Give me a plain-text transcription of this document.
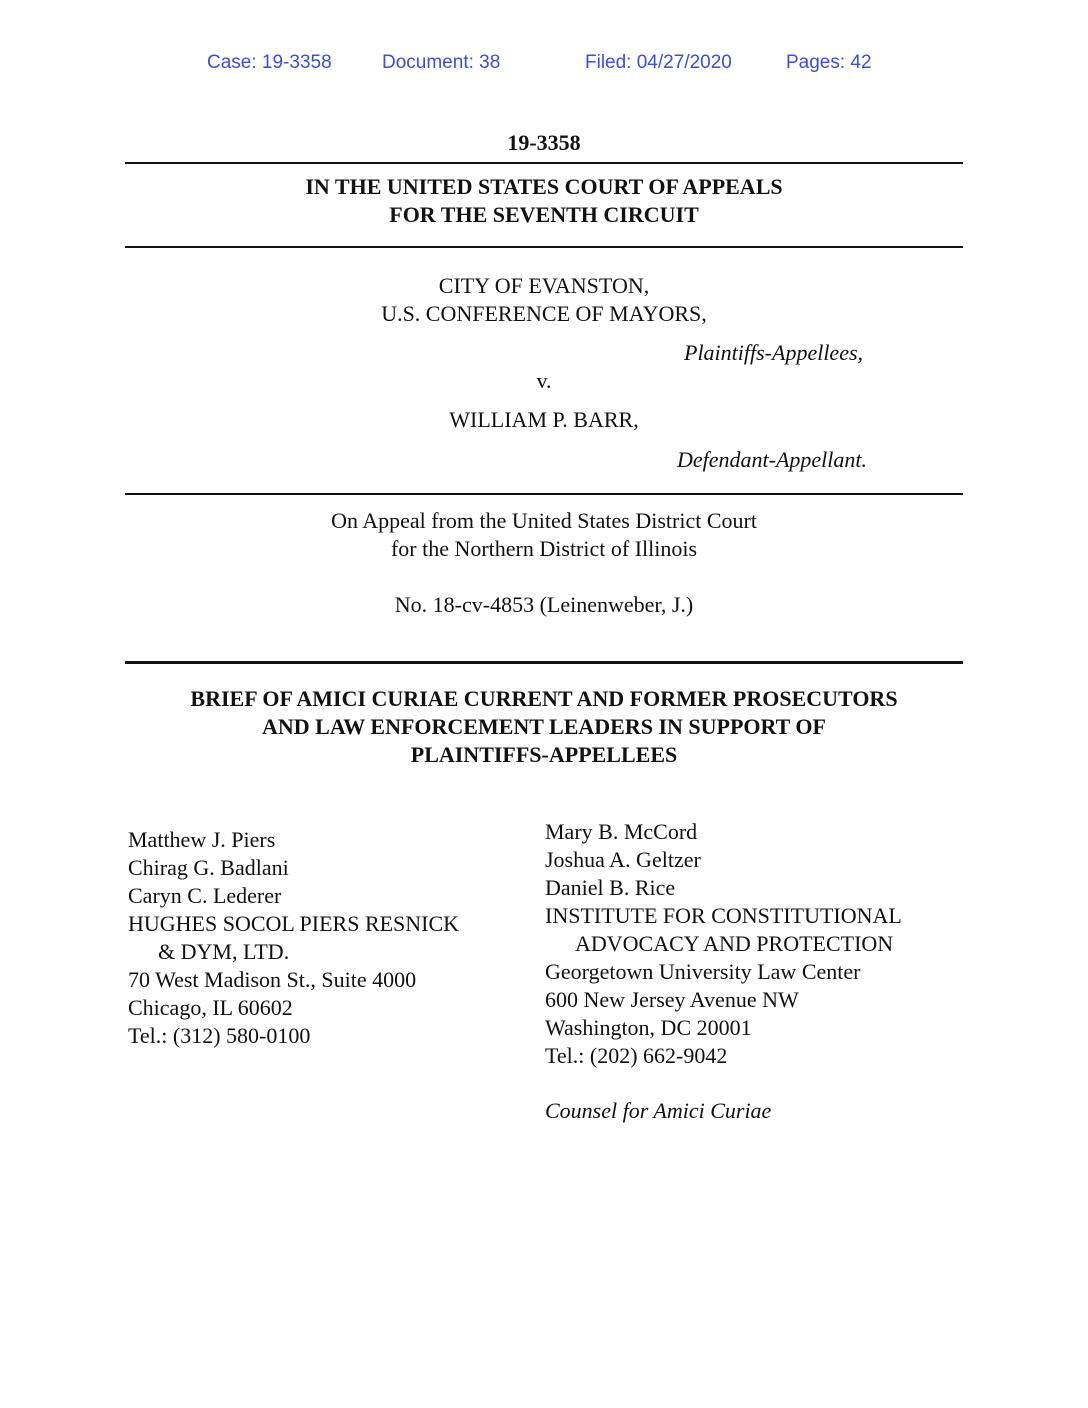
Case: 19-3358	Document: 38	Filed: 04/27/2020	Pages: 42
19-3358
IN THE UNITED STATES COURT OF APPEALS
FOR THE SEVENTH CIRCUIT
CITY OF EVANSTON,
U.S. CONFERENCE OF MAYORS,
Plaintiffs-Appellees,
v.
WILLIAM P. BARR,
Defendant-Appellant.
On Appeal from the United States District Court
for the Northern District of Illinois
No. 18-cv-4853 (Leinenweber, J.)
BRIEF OF AMICI CURIAE CURRENT AND FORMER PROSECUTORS
AND LAW ENFORCEMENT LEADERS IN SUPPORT OF
PLAINTIFFS-APPELLEES
Matthew J. Piers
Chirag G. Badlani
Caryn C. Lederer
HUGHES SOCOL PIERS RESNICK
& DYM, LTD.
70 West Madison St., Suite 4000
Chicago, IL 60602
Tel.: (312) 580-0100
Mary B. McCord
Joshua A. Geltzer
Daniel B. Rice
INSTITUTE FOR CONSTITUTIONAL
ADVOCACY AND PROTECTION
Georgetown University Law Center
600 New Jersey Avenue NW
Washington, DC 20001
Tel.: (202) 662-9042
Counsel for Amici Curiae
